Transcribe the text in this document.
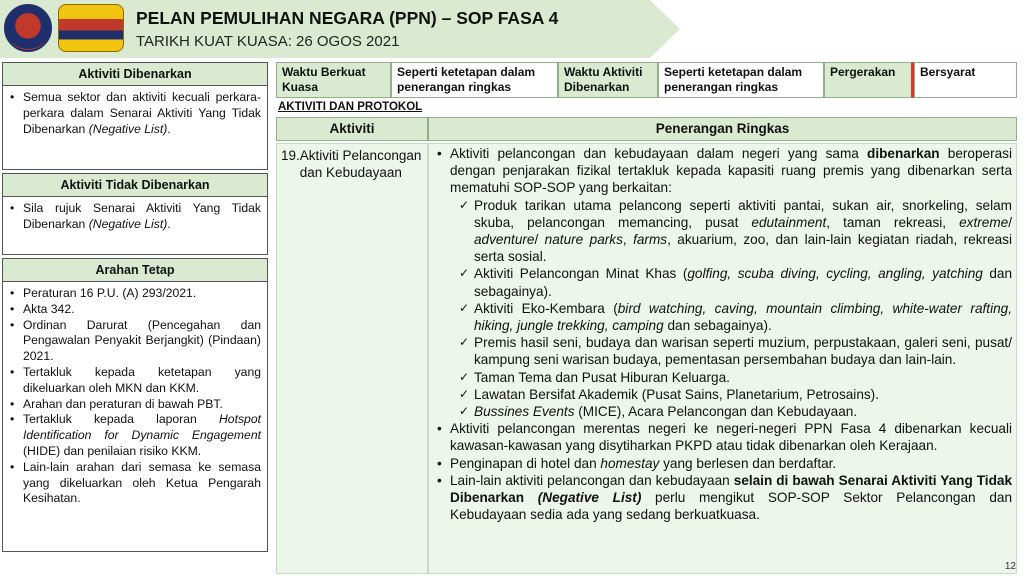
PELAN PEMULIHAN NEGARA (PPN) – SOP FASA 4
TARIKH KUAT KUASA: 26 OGOS 2021
Aktiviti Dibenarkan
• Semua sektor dan aktiviti kecuali perkara-perkara dalam Senarai Aktiviti Yang Tidak Dibenarkan (Negative List).
Aktiviti Tidak Dibenarkan
• Sila rujuk Senarai Aktiviti Yang Tidak Dibenarkan (Negative List).
Arahan Tetap
• Peraturan 16 P.U. (A) 293/2021.
• Akta 342.
• Ordinan Darurat (Pencegahan dan Pengawalan Penyakit Berjangkit) (Pindaan) 2021.
• Tertakluk kepada ketetapan yang dikeluarkan oleh MKN dan KKM.
• Arahan dan peraturan di bawah PBT.
• Tertakluk kepada laporan Hotspot Identification for Dynamic Engagement (HIDE) dan penilaian risiko KKM.
• Lain-lain arahan dari semasa ke semasa yang dikeluarkan oleh Ketua Pengarah Kesihatan.
Waktu Berkuat Kuasa
Seperti ketetapan dalam penerangan ringkas
Waktu Aktiviti Dibenarkan
Seperti ketetapan dalam penerangan ringkas
Pergerakan	Bersyarat
AKTIVITI DAN PROTOKOL
Aktiviti	Penerangan Ringkas
19. Aktiviti Pelancongan dan Kebudayaan
• Aktiviti pelancongan dan kebudayaan dalam negeri yang sama dibenarkan beroperasi dengan penjarakan fizikal tertakluk kepada kapasiti ruang premis yang dibenarkan serta mematuhi SOP-SOP yang berkaitan:
✓ Produk tarikan utama pelancong seperti aktiviti pantai, sukan air, snorkeling, selam skuba, pelancongan memancing, pusat edutainment, taman rekreasi, extreme/ adventure/ nature parks, farms, akuarium, zoo, dan lain-lain kegiatan riadah, rekreasi serta sosial.
✓ Aktiviti Pelancongan Minat Khas (golfing, scuba diving, cycling, angling, yatching dan sebagainya).
✓ Aktiviti Eko-Kembara (bird watching, caving, mountain climbing, white-water rafting, hiking, jungle trekking, camping dan sebagainya).
✓ Premis hasil seni, budaya dan warisan seperti muzium, perpustakaan, galeri seni, pusat/ kampung seni warisan budaya, pementasan persembahan budaya dan lain-lain.
✓ Taman Tema dan Pusat Hiburan Keluarga.
✓ Lawatan Bersifat Akademik (Pusat Sains, Planetarium, Petrosains).
✓ Bussines Events (MICE), Acara Pelancongan dan Kebudayaan.
• Aktiviti pelancongan merentas negeri ke negeri-negeri PPN Fasa 4 dibenarkan kecuali kawasan-kawasan yang disytiharkan PKPD atau tidak dibenarkan oleh Kerajaan.
• Penginapan di hotel dan homestay yang berlesen dan berdaftar.
• Lain-lain aktiviti pelancongan dan kebudayaan selain di bawah Senarai Aktiviti Yang Tidak Dibenarkan (Negative List) perlu mengikut SOP-SOP Sektor Pelancongan dan Kebudayaan sedia ada yang sedang berkuatkuasa.
12
